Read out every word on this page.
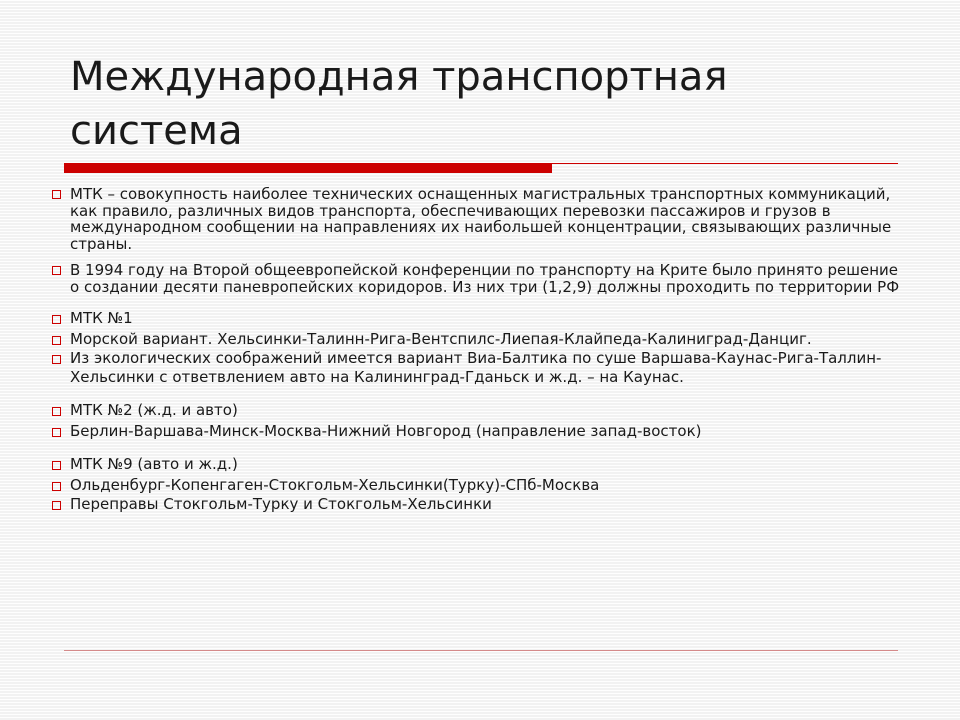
Международная транспортная система
МТК – совокупность наиболее технических оснащенных магистральных транспортных коммуникаций, как правило, различных видов транспорта, обеспечивающих перевозки пассажиров и грузов в международном сообщении на направлениях их наибольшей концентрации, связывающих различные страны.
В 1994 году на Второй общеевропейской конференции по транспорту на Крите было принято решение о создании десяти паневропейских коридоров. Из них три (1,2,9) должны проходить по территории РФ
МТК №1
Морской вариант. Хельсинки-Талинн-Рига-Вентспилс-Лиепая-Клайпеда-Калиниград-Данциг.
Из экологических соображений имеется вариант Виа-Балтика по суше Варшава-Каунас-Рига-Таллин-Хельсинки с ответвлением авто на Калининград-Гданьск и ж.д. – на Каунас.
МТК №2 (ж.д. и авто)
Берлин-Варшава-Минск-Москва-Нижний Новгород (направление запад-восток)
МТК №9 (авто и ж.д.)
Ольденбург-Копенгаген-Стокгольм-Хельсинки(Турку)-СПб-Москва
Переправы Стокгольм-Турку и Стокгольм-Хельсинки
